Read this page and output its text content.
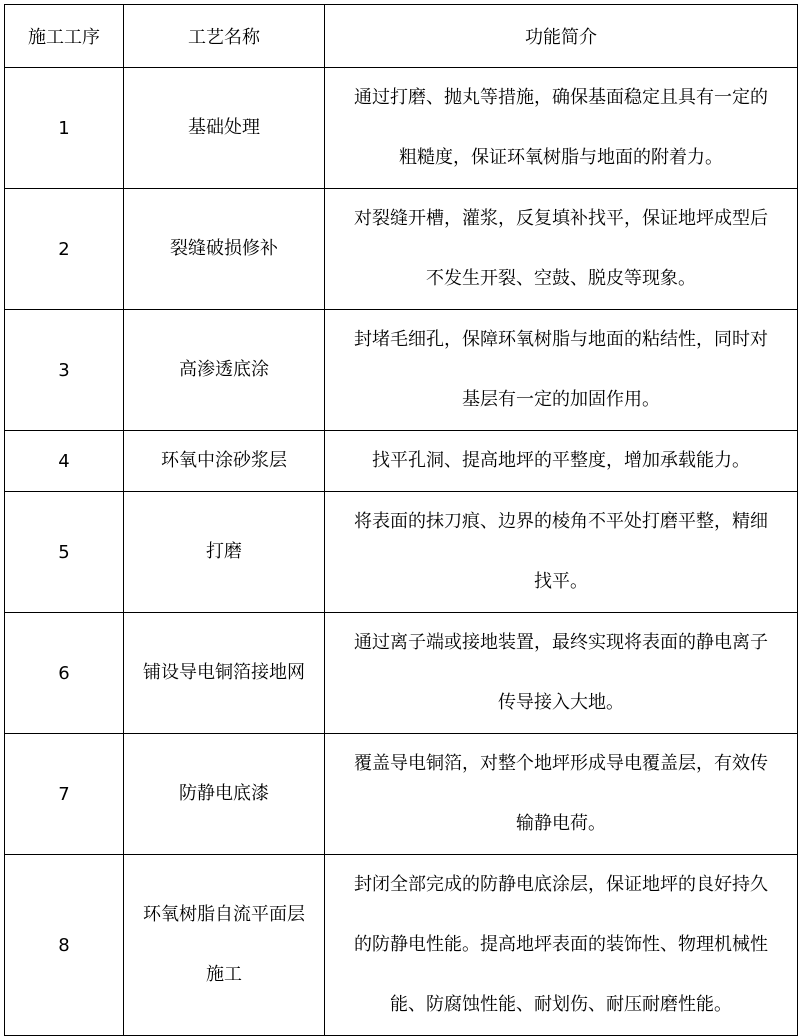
施工工序	工艺名称	功能简介
1	基础处理	通过打磨、抛丸等措施，确保基面稳定且具有一定的
粗糙度，保证环氧树脂与地面的附着力。

2	裂缝破损修补	对裂缝开槽，灌浆，反复填补找平，保证地坪成型后
不发生开裂、空鼓、脱皮等现象。

3	高渗透底涂	封堵毛细孔，保障环氧树脂与地面的粘结性，同时对
基层有一定的加固作用。

4	环氧中涂砂浆层	找平孔洞、提高地坪的平整度，增加承载能力。

5	打磨	将表面的抹刀痕、边界的棱角不平处打磨平整，精细
找平。

6	铺设导电铜箔接地网	通过离子端或接地装置，最终实现将表面的静电离子
传导接入大地。

7	防静电底漆	覆盖导电铜箔，对整个地坪形成导电覆盖层，有效传
输静电荷。

8	环氧树脂自流平面层
施工	封闭全部完成的防静电底涂层，保证地坪的良好持久
的防静电性能。提高地坪表面的装饰性、物理机械性
能、防腐蚀性能、耐划伤、耐压耐磨性能。
